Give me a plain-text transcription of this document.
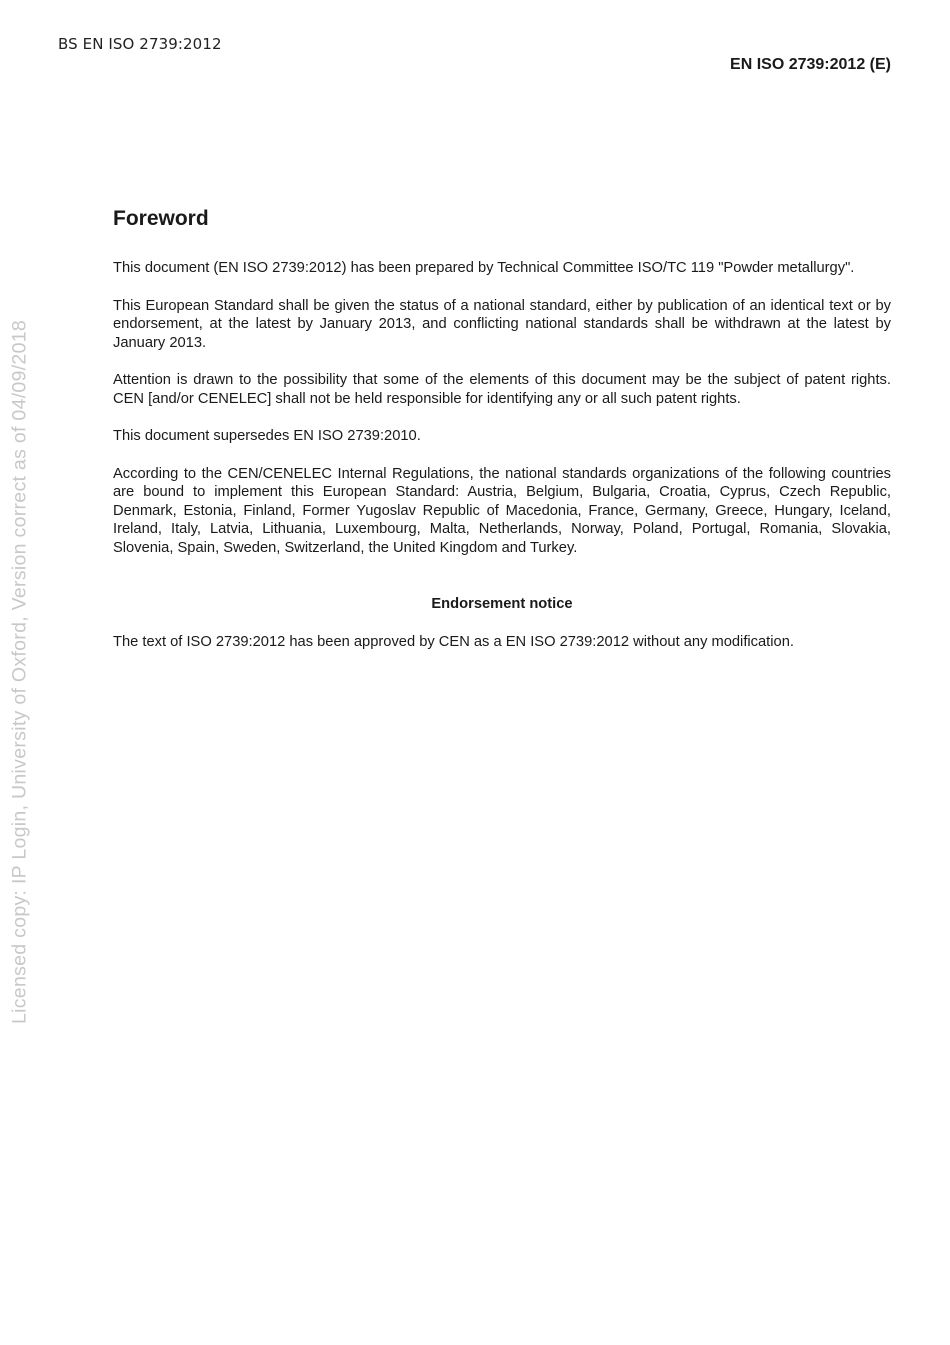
BS EN ISO 2739:2012
EN ISO 2739:2012 (E)
Licensed copy: IP Login, University of Oxford, Version correct as of 04/09/2018
Foreword

This document (EN ISO 2739:2012) has been prepared by Technical Committee ISO/TC 119 "Powder metallurgy".

This European Standard shall be given the status of a national standard, either by publication of an identical text or by endorsement, at the latest by January 2013, and conflicting national standards shall be withdrawn at the latest by January 2013.

Attention is drawn to the possibility that some of the elements of this document may be the subject of patent rights. CEN [and/or CENELEC] shall not be held responsible for identifying any or all such patent rights.

This document supersedes EN ISO 2739:2010.

According to the CEN/CENELEC Internal Regulations, the national standards organizations of the following countries are bound to implement this European Standard: Austria, Belgium, Bulgaria, Croatia, Cyprus, Czech Republic, Denmark, Estonia, Finland, Former Yugoslav Republic of Macedonia, France, Germany, Greece, Hungary, Iceland, Ireland, Italy, Latvia, Lithuania, Luxembourg, Malta, Netherlands, Norway, Poland, Portugal, Romania, Slovakia, Slovenia, Spain, Sweden, Switzerland, the United Kingdom and Turkey.

Endorsement notice

The text of ISO 2739:2012 has been approved by CEN as a EN ISO 2739:2012 without any modification.
